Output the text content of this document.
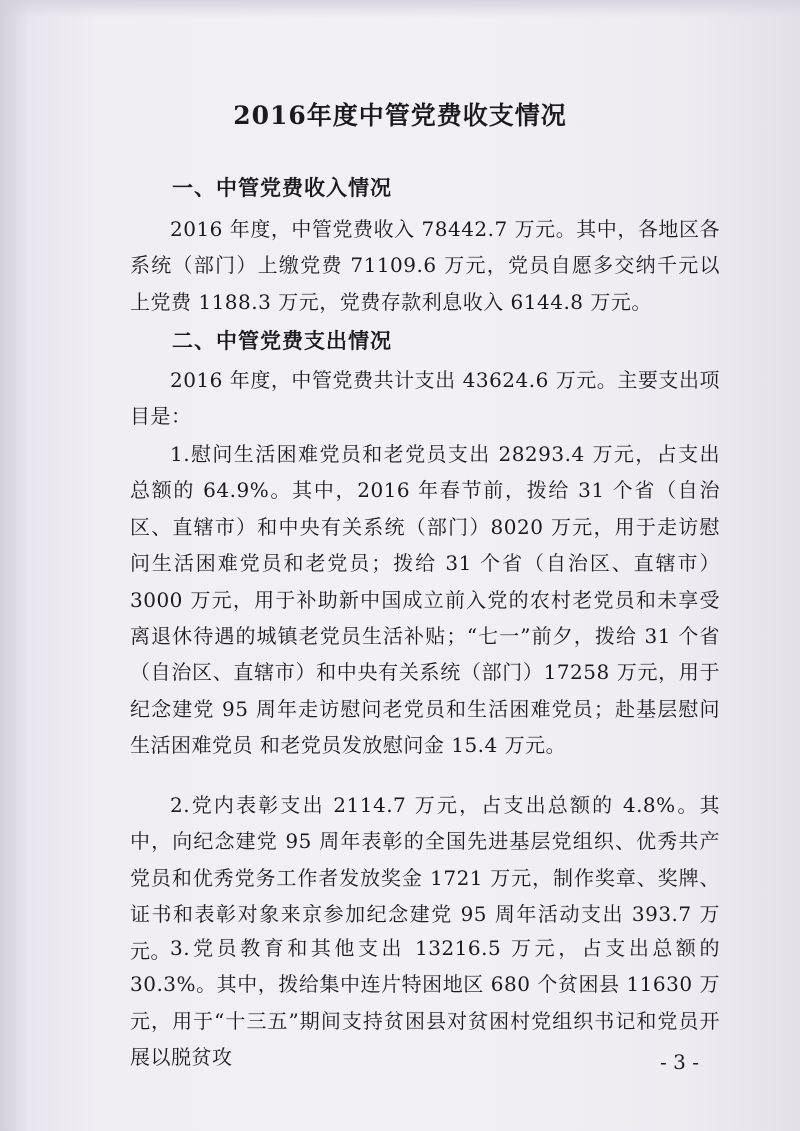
2016年度中管党费收支情况
一、中管党费收入情况

2016 年度，中管党费收入 78442.7 万元。其中，各地区各系统（部门）上缴党费 71109.6 万元，党员自愿多交纳千元以上党费 1188.3 万元，党费存款利息收入 6144.8 万元。

二、中管党费支出情况

2016 年度，中管党费共计支出 43624.6 万元。主要支出项目是：

1.慰问生活困难党员和老党员支出 28293.4 万元，占支出总额的 64.9%。其中，2016 年春节前，拨给 31 个省（自治区、直辖市）和中央有关系统（部门）8020 万元，用于走访慰问生活困难党员和老党员；拨给 31 个省（自治区、直辖市）3000 万元，用于补助新中国成立前入党的农村老党员和未享受离退休待遇的城镇老党员生活补贴；“七一”前夕，拨给 31 个省（自治区、直辖市）和中央有关系统（部门）17258 万元，用于纪念建党 95 周年走访慰问老党员和生活困难党员；赴基层慰问生活困难党员 和老党员发放慰问金 15.4 万元。

2.党内表彰支出 2114.7 万元，占支出总额的 4.8%。其中，向纪念建党 95 周年表彰的全国先进基层党组织、优秀共产党员和优秀党务工作者发放奖金 1721 万元，制作奖章、奖牌、证书和表彰对象来京参加纪念建党 95 周年活动支出 393.7 万元。 3.党员教育和其他支出 13216.5 万元，占支出总额的 30.3%。其中，拨给集中连片特困地区 680 个贫困县 11630 万元，用于“十三五”期间支持贫困县对贫困村党组织书记和党员开展以脱贫攻	- 3 -
